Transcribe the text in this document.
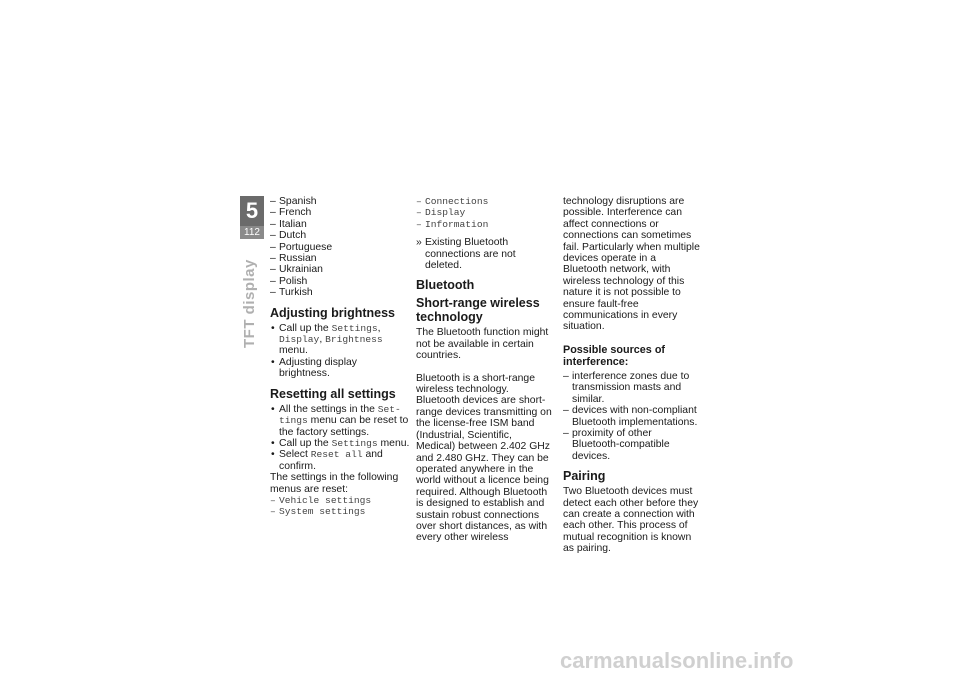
5
112
TFT display
– Spanish
– French
– Italian
– Dutch
– Portuguese
– Russian
– Ukrainian
– Polish
– Turkish
Adjusting brightness
• Call up the Settings,
Display, Brightness menu.
• Adjusting display brightness.
Resetting all settings
• All the settings in the Set-
tings menu can be reset to the factory settings.
• Call up the Settings menu.
• Select Reset all and confirm.

The settings in the following menus are reset:

– Vehicle settings
– System settings
– Connections
– Display
– Information
» Existing Bluetooth connections are not deleted.
Bluetooth
Short-range wireless technology

The Bluetooth function might not be available in certain countries.

Bluetooth is a short-range wireless technology. Bluetooth devices are short-range devices transmitting on the license-free ISM band (Industrial, Scientific, Medical) between 2.402 GHz and 2.480 GHz. They can be operated anywhere in the world without a licence being required. Although Bluetooth is designed to establish and sustain robust connections over short distances, as with every other wireless

technology disruptions are possible. Interference can affect connections or connections can sometimes fail. Particularly when multiple devices operate in a Bluetooth network, with wireless technology of this nature it is not possible to ensure fault-free communications in every situation.

Possible sources of interference:
– interference zones due to transmission masts and similar.
– devices with non-compliant Bluetooth implementations.
– proximity of other Bluetooth-compatible devices.
Pairing

Two Bluetooth devices must detect each other before they can create a connection with each other. This process of mutual recognition is known as pairing.

carmanualsonline.info
